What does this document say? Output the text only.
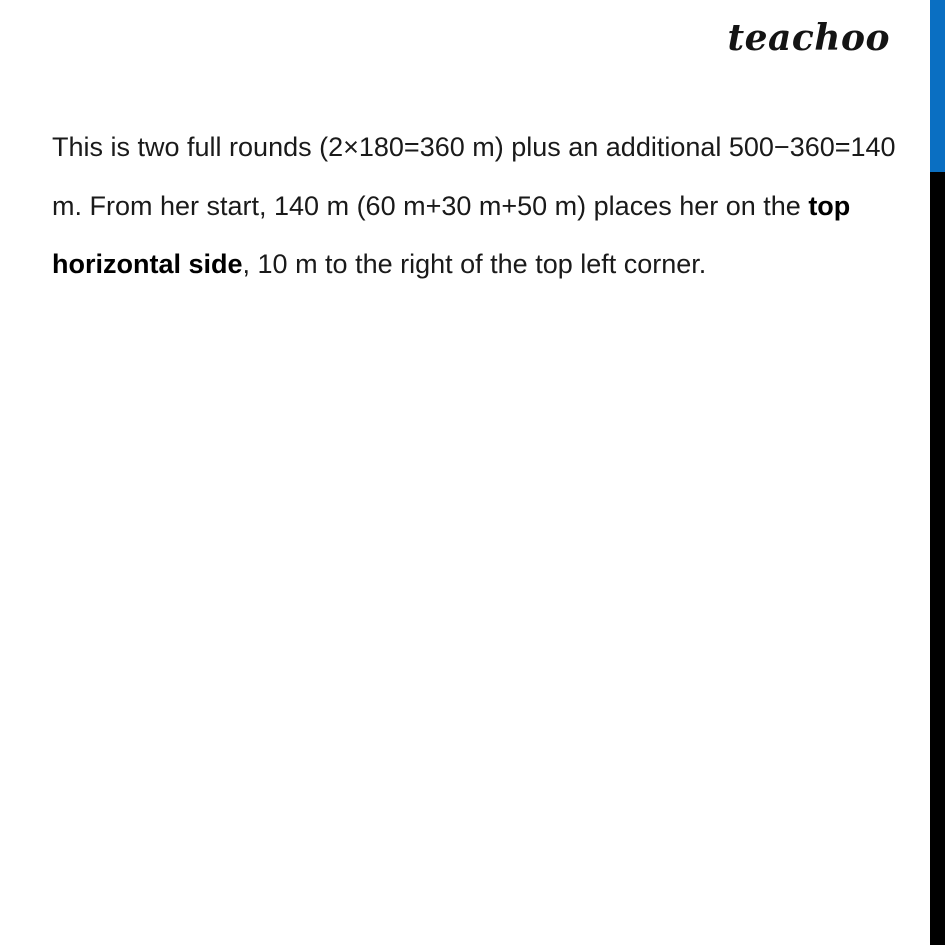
teachoo

This is two full rounds (2×180=360 m) plus an additional 500−360=140 m. From her start, 140 m (60 m+30 m+50 m) places her on the top horizontal side, 10 m to the right of the top left corner.
